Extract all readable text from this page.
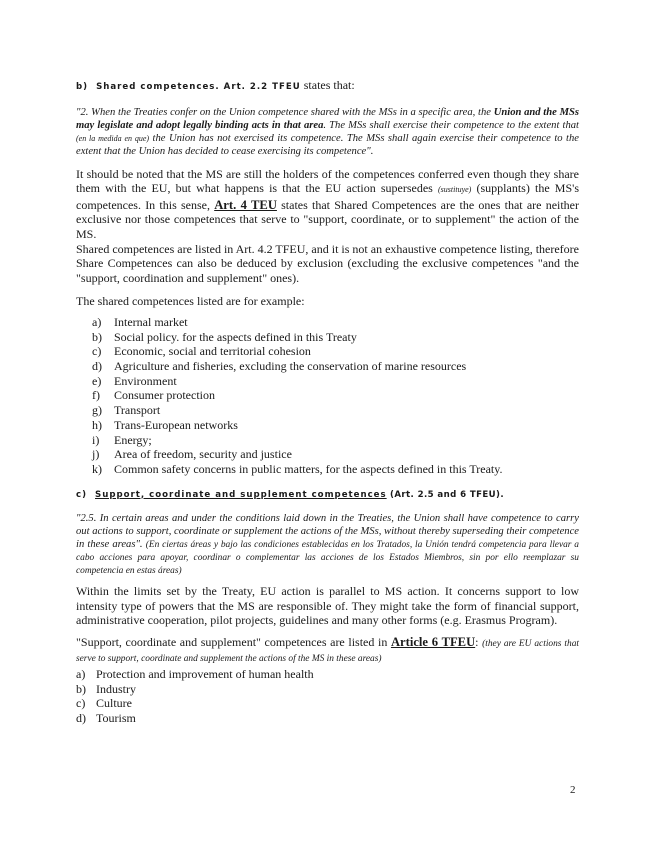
b) Shared competences. Art. 2.2 TFEU states that:

"2. When the Treaties confer on the Union competence shared with the MSs in a specific area, the Union and the MSs may legislate and adopt legally binding acts in that area. The MSs shall exercise their competence to the extent that (en la medida en que) the Union has not exercised its competence. The MSs shall again exercise their competence to the extent that the Union has decided to cease exercising its competence".

It should be noted that the MS are still the holders of the competences conferred even though they share them with the EU, but what happens is that the EU action supersedes (sustituye) (supplants) the MS's competences. In this sense, Art. 4 TEU states that Shared Competences are the ones that are neither exclusive nor those competences that serve to "support, coordinate, or to supplement" the action of the MS.

Shared competences are listed in Art. 4.2 TFEU, and it is not an exhaustive competence listing, therefore Share Competences can also be deduced by exclusion (excluding the exclusive competences "and the "support, coordination and supplement" ones).

The shared competences listed are for example:

a)	Internal market
b)	Social policy. for the aspects defined in this Treaty
c)	Economic, social and territorial cohesion
d)	Agriculture and fisheries, excluding the conservation of marine resources
e)	Environment
f)	Consumer protection
g)	Transport
h)	Trans-European networks
i)	Energy;
j)	Area of freedom, security and justice
k)	Common safety concerns in public matters, for the aspects defined in this Treaty.

c) Support, coordinate and supplement competences (Art. 2.5 and 6 TFEU).

"2.5. In certain areas and under the conditions laid down in the Treaties, the Union shall have competence to carry out actions to support, coordinate or supplement the actions of the MSs, without thereby superseding their competence in these areas". (En ciertas áreas y bajo las condiciones establecidas en los Tratados, la Unión tendrá competencia para llevar a cabo acciones para apoyar, coordinar o complementar las acciones de los Estados Miembros, sin por ello reemplazar su competencia en estas áreas)

Within the limits set by the Treaty, EU action is parallel to MS action. It concerns support to low intensity type of powers that the MS are responsible of. They might take the form of financial support, administrative cooperation, pilot projects, guidelines and many other forms (e.g. Erasmus Program).

"Support, coordinate and supplement" competences are listed in Article 6 TFEU: (they are EU actions that serve to support, coordinate and supplement the actions of the MS in these areas)

a) Protection and improvement of human health
b) Industry
c) Culture
d) Tourism
2
